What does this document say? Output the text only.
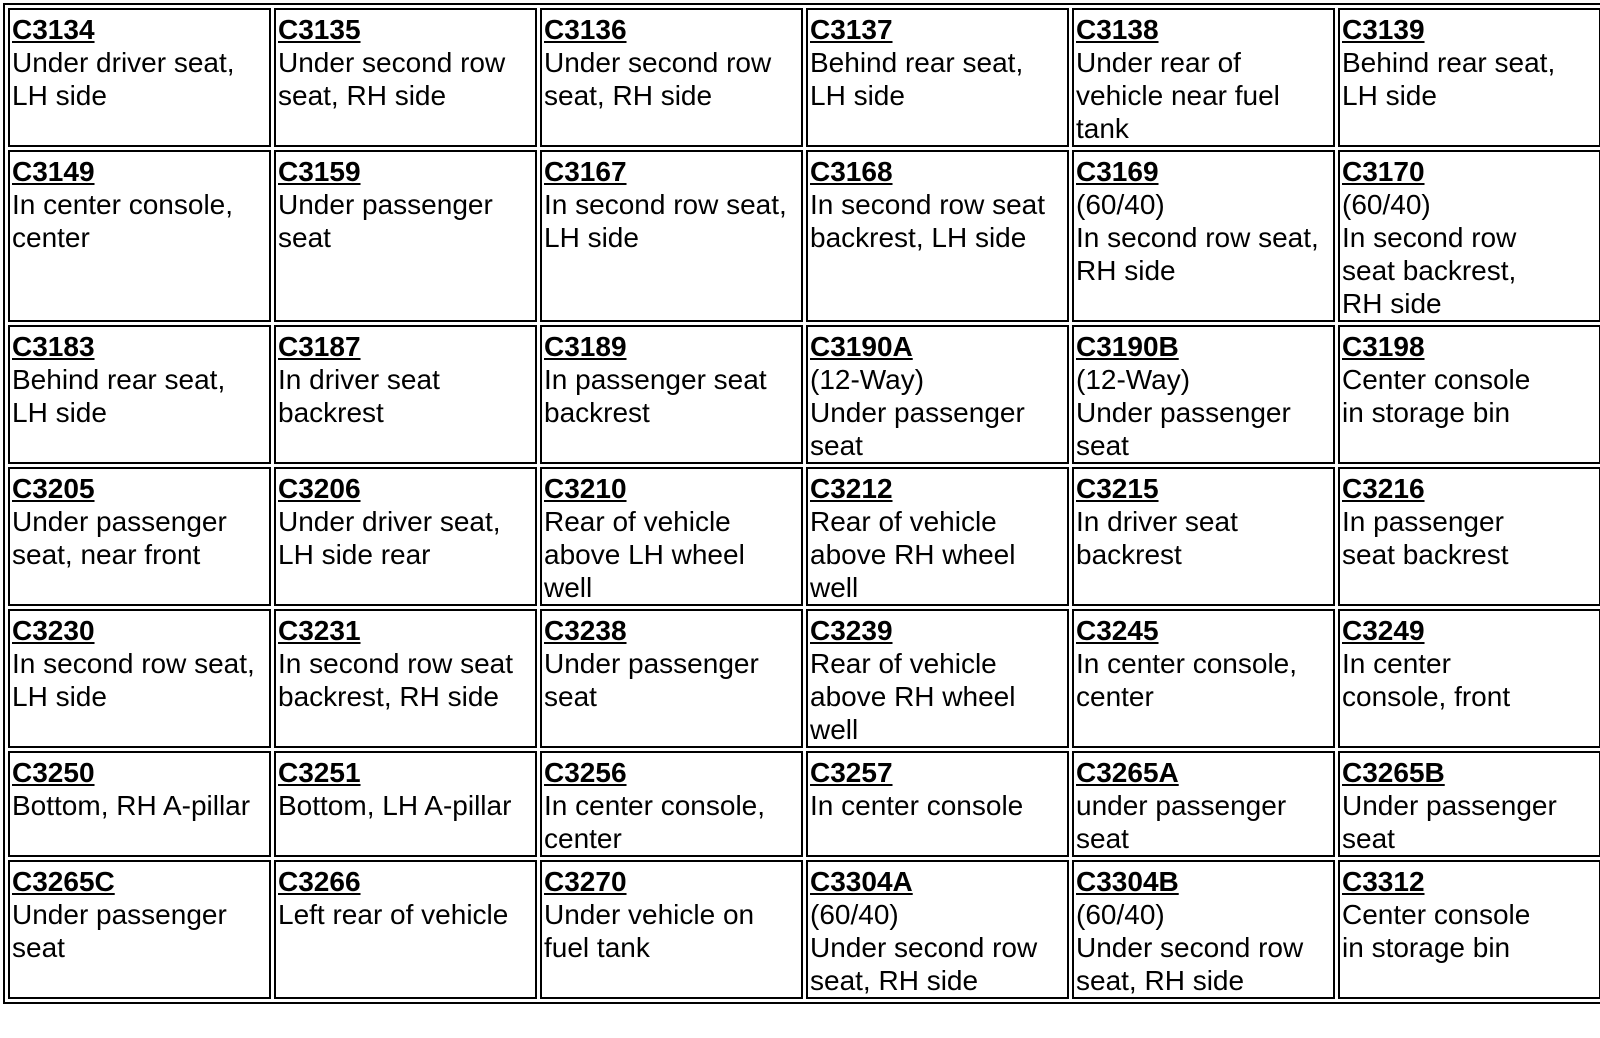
C3134
Under driver seat,
LH side	C3135
Under second row
seat, RH side	C3136
Under second row
seat, RH side	C3137
Behind rear seat,
LH side	C3138
Under rear of
vehicle near fuel
tank	C3139
Behind rear seat,
LH side

C3149
In center console,
center	C3159
Under passenger
seat	C3167
In second row seat,
LH side	C3168
In second row seat
backrest, LH side	C3169
(60/40)
In second row seat,
RH side	C3170
(60/40)
In second row
seat backrest,
RH side

C3183
Behind rear seat,
LH side	C3187
In driver seat
backrest	C3189
In passenger seat
backrest	C3190A
(12-Way)
Under passenger
seat	C3190B
(12-Way)
Under passenger
seat	C3198
Center console
in storage bin

C3205
Under passenger
seat, near front	C3206
Under driver seat,
LH side rear	C3210
Rear of vehicle
above LH wheel
well	C3212
Rear of vehicle
above RH wheel
well	C3215
In driver seat
backrest	C3216
In passenger
seat backrest

C3230
In second row seat,
LH side	C3231
In second row seat
backrest, RH side	C3238
Under passenger
seat	C3239
Rear of vehicle
above RH wheel
well	C3245
In center console,
center	C3249
In center
console, front

C3250
Bottom, RH A-pillar	C3251
Bottom, LH A-pillar	C3256
In center console,
center	C3257
In center console	C3265A
under passenger
seat	C3265B
Under passenger
seat

C3265C
Under passenger
seat	C3266
Left rear of vehicle	C3270
Under vehicle on
fuel tank	C3304A
(60/40)
Under second row
seat, RH side	C3304B
(60/40)
Under second row
seat, RH side	C3312
Center console
in storage bin
